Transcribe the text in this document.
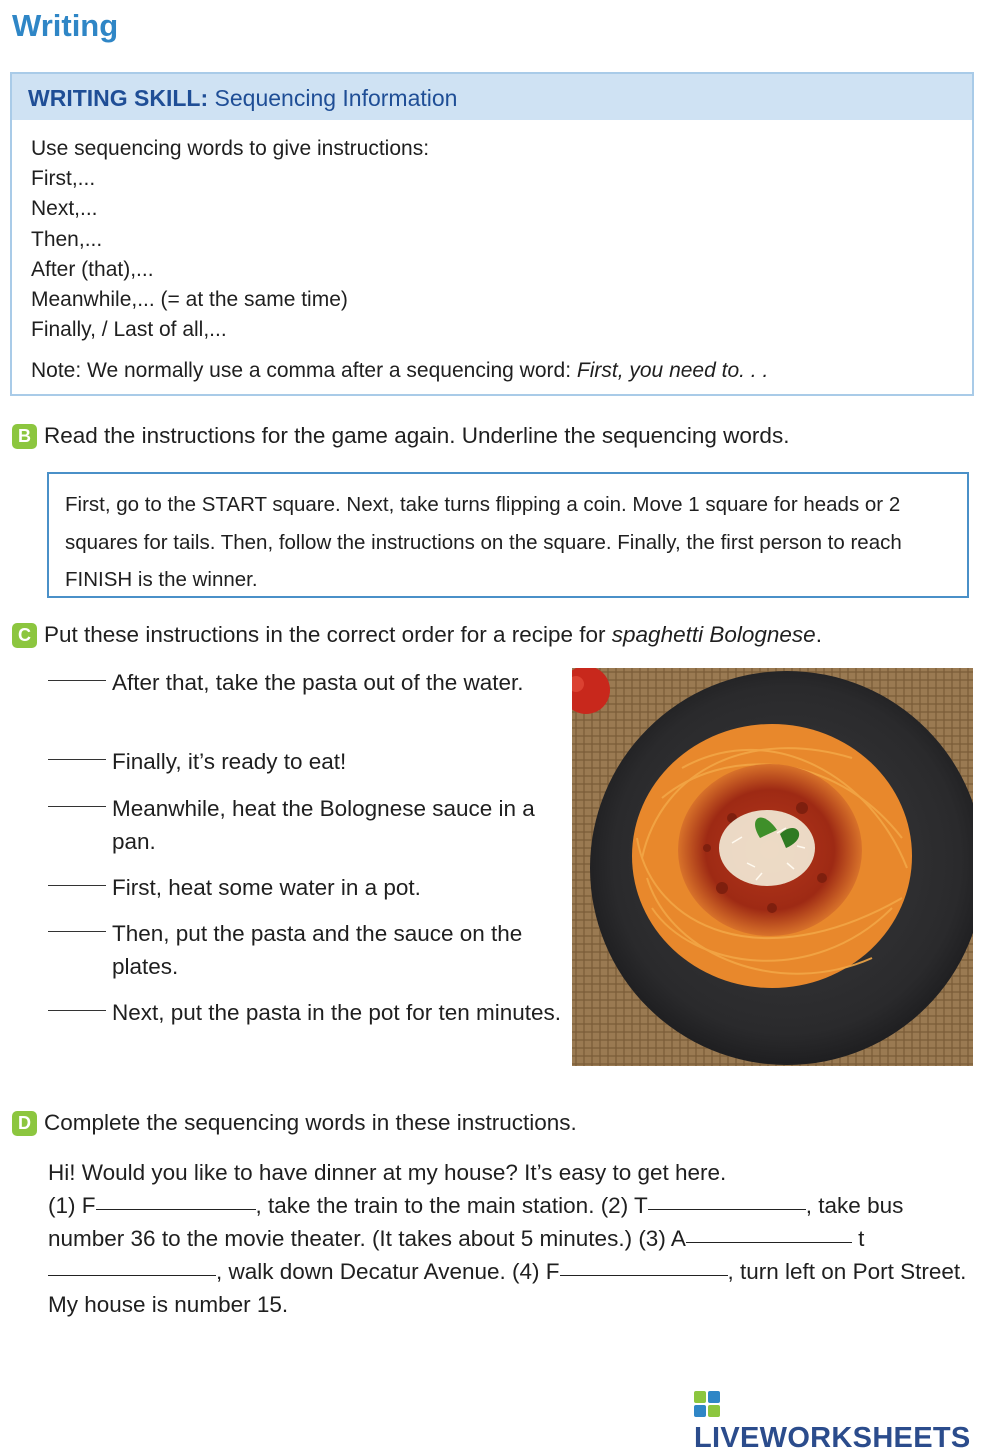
Writing
WRITING SKILL: Sequencing Information
Use sequencing words to give instructions:
First,...
Next,...
Then,...
After (that),...
Meanwhile,... (= at the same time)
Finally, / Last of all,...
Note: We normally use a comma after a sequencing word: First, you need to. . .
B Read the instructions for the game again. Underline the sequencing words.
First, go to the START square. Next, take turns flipping a coin. Move 1 square for heads or 2 squares for tails. Then, follow the instructions on the square. Finally, the first person to reach FINISH is the winner.
C Put these instructions in the correct order for a recipe for spaghetti Bolognese.
After that, take the pasta out of the water.
Finally, it’s ready to eat!
Meanwhile, heat the Bolognese sauce in a pan.
First, heat some water in a pot.
Then, put the pasta and the sauce on the plates.
Next, put the pasta in the pot for ten minutes.
D Complete the sequencing words in these instructions.
Hi! Would you like to have dinner at my house? It’s easy to get here.
(1) F	, take the train to the main station. (2) T	, take bus number 36 to the movie theater. (It takes about 5 minutes.) (3) A	t, walk down Decatur Avenue. (4) F	, turn left on Port Street. My house is number 15.
LIVEWORKSHEETS
